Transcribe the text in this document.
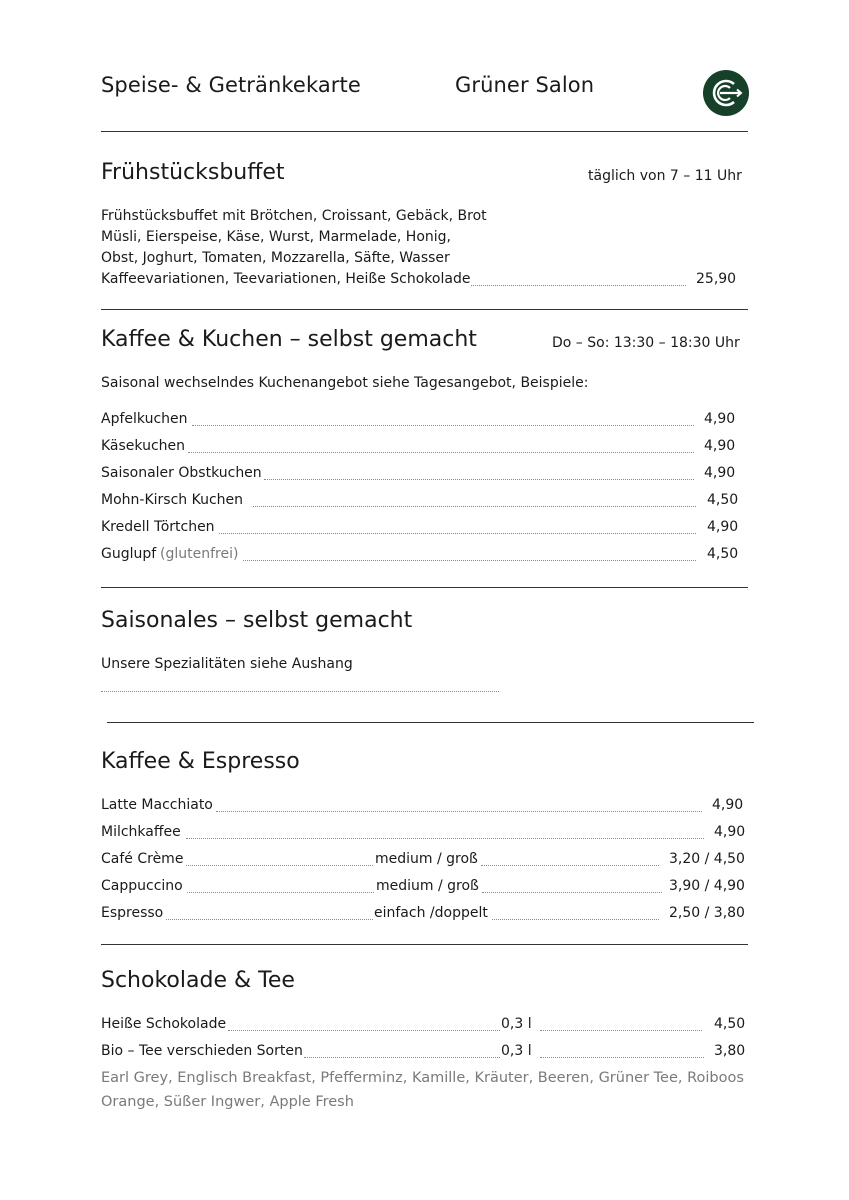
Speise- & Getränkekarte	Grüner Salon
Frühstücksbuffet	täglich von 7 – 11 Uhr
Frühstücksbuffet mit Brötchen, Croissant, Gebäck, Brot
Müsli, Eierspeise, Käse, Wurst, Marmelade, Honig,
Obst, Joghurt, Tomaten, Mozzarella, Säfte, Wasser
Kaffeevariationen, Teevariationen, Heiße Schokolade	25,90
Kaffee & Kuchen – selbst gemacht	Do – So: 13:30 – 18:30 Uhr
Saisonal wechselndes Kuchenangebot siehe Tagesangebot, Beispiele:
Apfelkuchen	4,90
Käsekuchen	4,90
Saisonaler Obstkuchen	4,90
Mohn-Kirsch Kuchen	4,50
Kredell Törtchen	4,90
Guglupf (glutenfrei)	4,50
Saisonales – selbst gemacht
Unsere Spezialitäten siehe Aushang
Kaffee & Espresso
Latte Macchiato	4,90
Milchkaffee	4,90
Café Crème	medium / groß	3,20 / 4,50
Cappuccino	medium / groß	3,90 / 4,90
Espresso	einfach /doppelt	2,50 / 3,80
Schokolade & Tee
Heiße Schokolade	0,3 l	4,50
Bio – Tee verschieden Sorten	0,3 l	3,80
Earl Grey, Englisch Breakfast, Pfefferminz, Kamille, Kräuter, Beeren, Grüner Tee, Roiboos
Orange, Süßer Ingwer, Apple Fresh
